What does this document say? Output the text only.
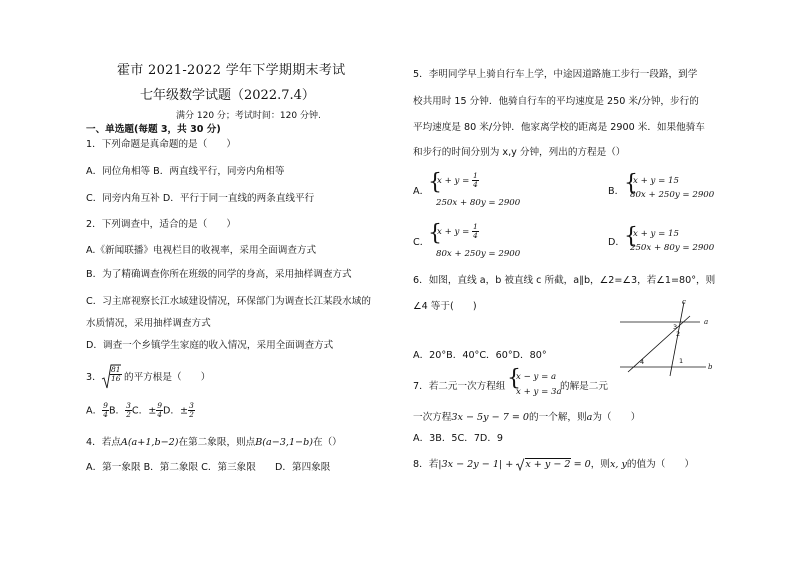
霍市 2021-2022 学年下学期期末考试
七年级数学试题（2022.7.4）
满分 120 分；考试时间：120 分钟.
一、单选题(每题 3，共 30 分)
1．下列命题是真命题的是（　　）
A．同位角相等 B．两直线平行，同旁内角相等
C．同旁内角互补 D．平行于同一直线的两条直线平行
2．下列调查中，适合的是（　　）
A.《新闻联播》电视栏目的收视率，采用全面调查方式
B．为了精确调查你所在班级的同学的身高，采用抽样调查方式
C．习主席视察长江水域建设情况，环保部门为调查长江某段水域的
水质情况，采用抽样调查方式
D．调查一个乡镇学生家庭的收入情况，采用全面调查方式
3． $\frac{81}{16}$ 的平方根是（　　）
A． $\frac{9}{4}$ B． $\frac{3}{2}$ C．± $\frac{9}{4}$ D．± $\frac{3}{2}$
4．若点A(a+1,b−2)在第二象限，则点B(a−3,1−b)在（）
A．第一象限 B．第二象限 C．第三象限　　D．第四象限
5．李明同学早上骑自行车上学，中途因道路施工步行一段路，到学
校共用时 15 分钟．他骑自行车的平均速度是 250 米/分钟，步行的
平均速度是 80 米/分钟．他家离学校的距离是 2900 米．如果他骑车
和步行的时间分别为 x,y 分钟，列出的方程是（）
A．
{
$x + y = \frac{1}{4}$
250x + 80y = 2900
B． {
x + y = 15
80x + 250y = 2900
C．
{
$x + y = \frac{1}{4}$
80x + 250y = 2900
D． {
x + y = 15
250x + 80y = 2900
6．如图，直线 a，b 被直线 c 所截，a∥b，∠2=∠3，若∠1=80°，则
∠4 等于(　　)
A．20°B．40°C．60°D．80°
c
a
b
3
2
1
4
7．若二元一次方程组 {
x − y = a
x + y = 3a
的解是二元
一次方程3x − 5y − 7 = 0的一个解，则a为（　　）
A．3B．5C．7D．9
8．若|3x − 2y − 1| +
x + y − 2 = 0，则x, y的值为（　　）
